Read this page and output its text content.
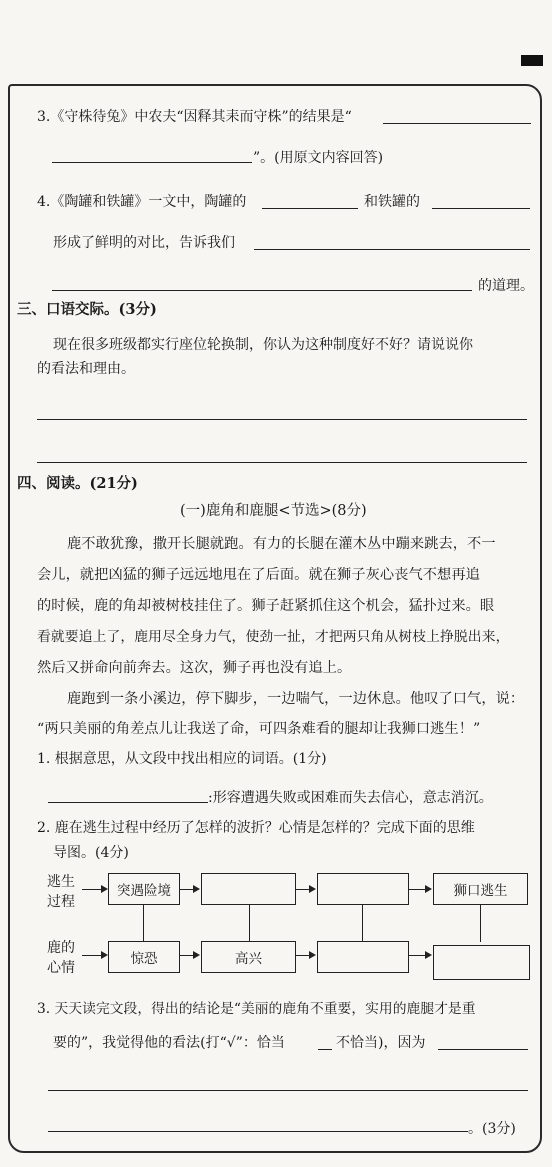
3.《守株待兔》中农夫“因释其耒而守株”的结果是“
”。(用原文内容回答)
4.《陶罐和铁罐》一文中，陶罐的	和铁罐的
形成了鲜明的对比，告诉我们
的道理。
三、口语交际。(3分)
现在很多班级都实行座位轮换制，你认为这种制度好不好？请说说你
的看法和理由。
四、阅读。(21分)
(一)鹿角和鹿腿<节选>(8分)
鹿不敢犹豫，撒开长腿就跑。有力的长腿在灌木丛中蹦来跳去，不一
会儿，就把凶猛的狮子远远地甩在了后面。就在狮子灰心丧气不想再追
的时候，鹿的角却被树枝挂住了。狮子赶紧抓住这个机会，猛扑过来。眼
看就要追上了，鹿用尽全身力气，使劲一扯，才把两只角从树枝上挣脱出来，
然后又拼命向前奔去。这次，狮子再也没有追上。
鹿跑到一条小溪边，停下脚步，一边喘气，一边休息。他叹了口气，说：
“两只美丽的角差点儿让我送了命，可四条难看的腿却让我狮口逃生！”
1. 根据意思，从文段中找出相应的词语。(1分)
:形容遭遇失败或困难而失去信心，意志消沉。
2. 鹿在逃生过程中经历了怎样的波折？心情是怎样的？完成下面的思维
导图。(4分)
逃生
过程
鹿的
心情
突遇险境	狮口逃生
惊恐	高兴
3. 天天读完文段，得出的结论是“美丽的鹿角不重要，实用的鹿腿才是重
要的”，我觉得他的看法(打“√”：恰当	不恰当)，因为
。(3分)
